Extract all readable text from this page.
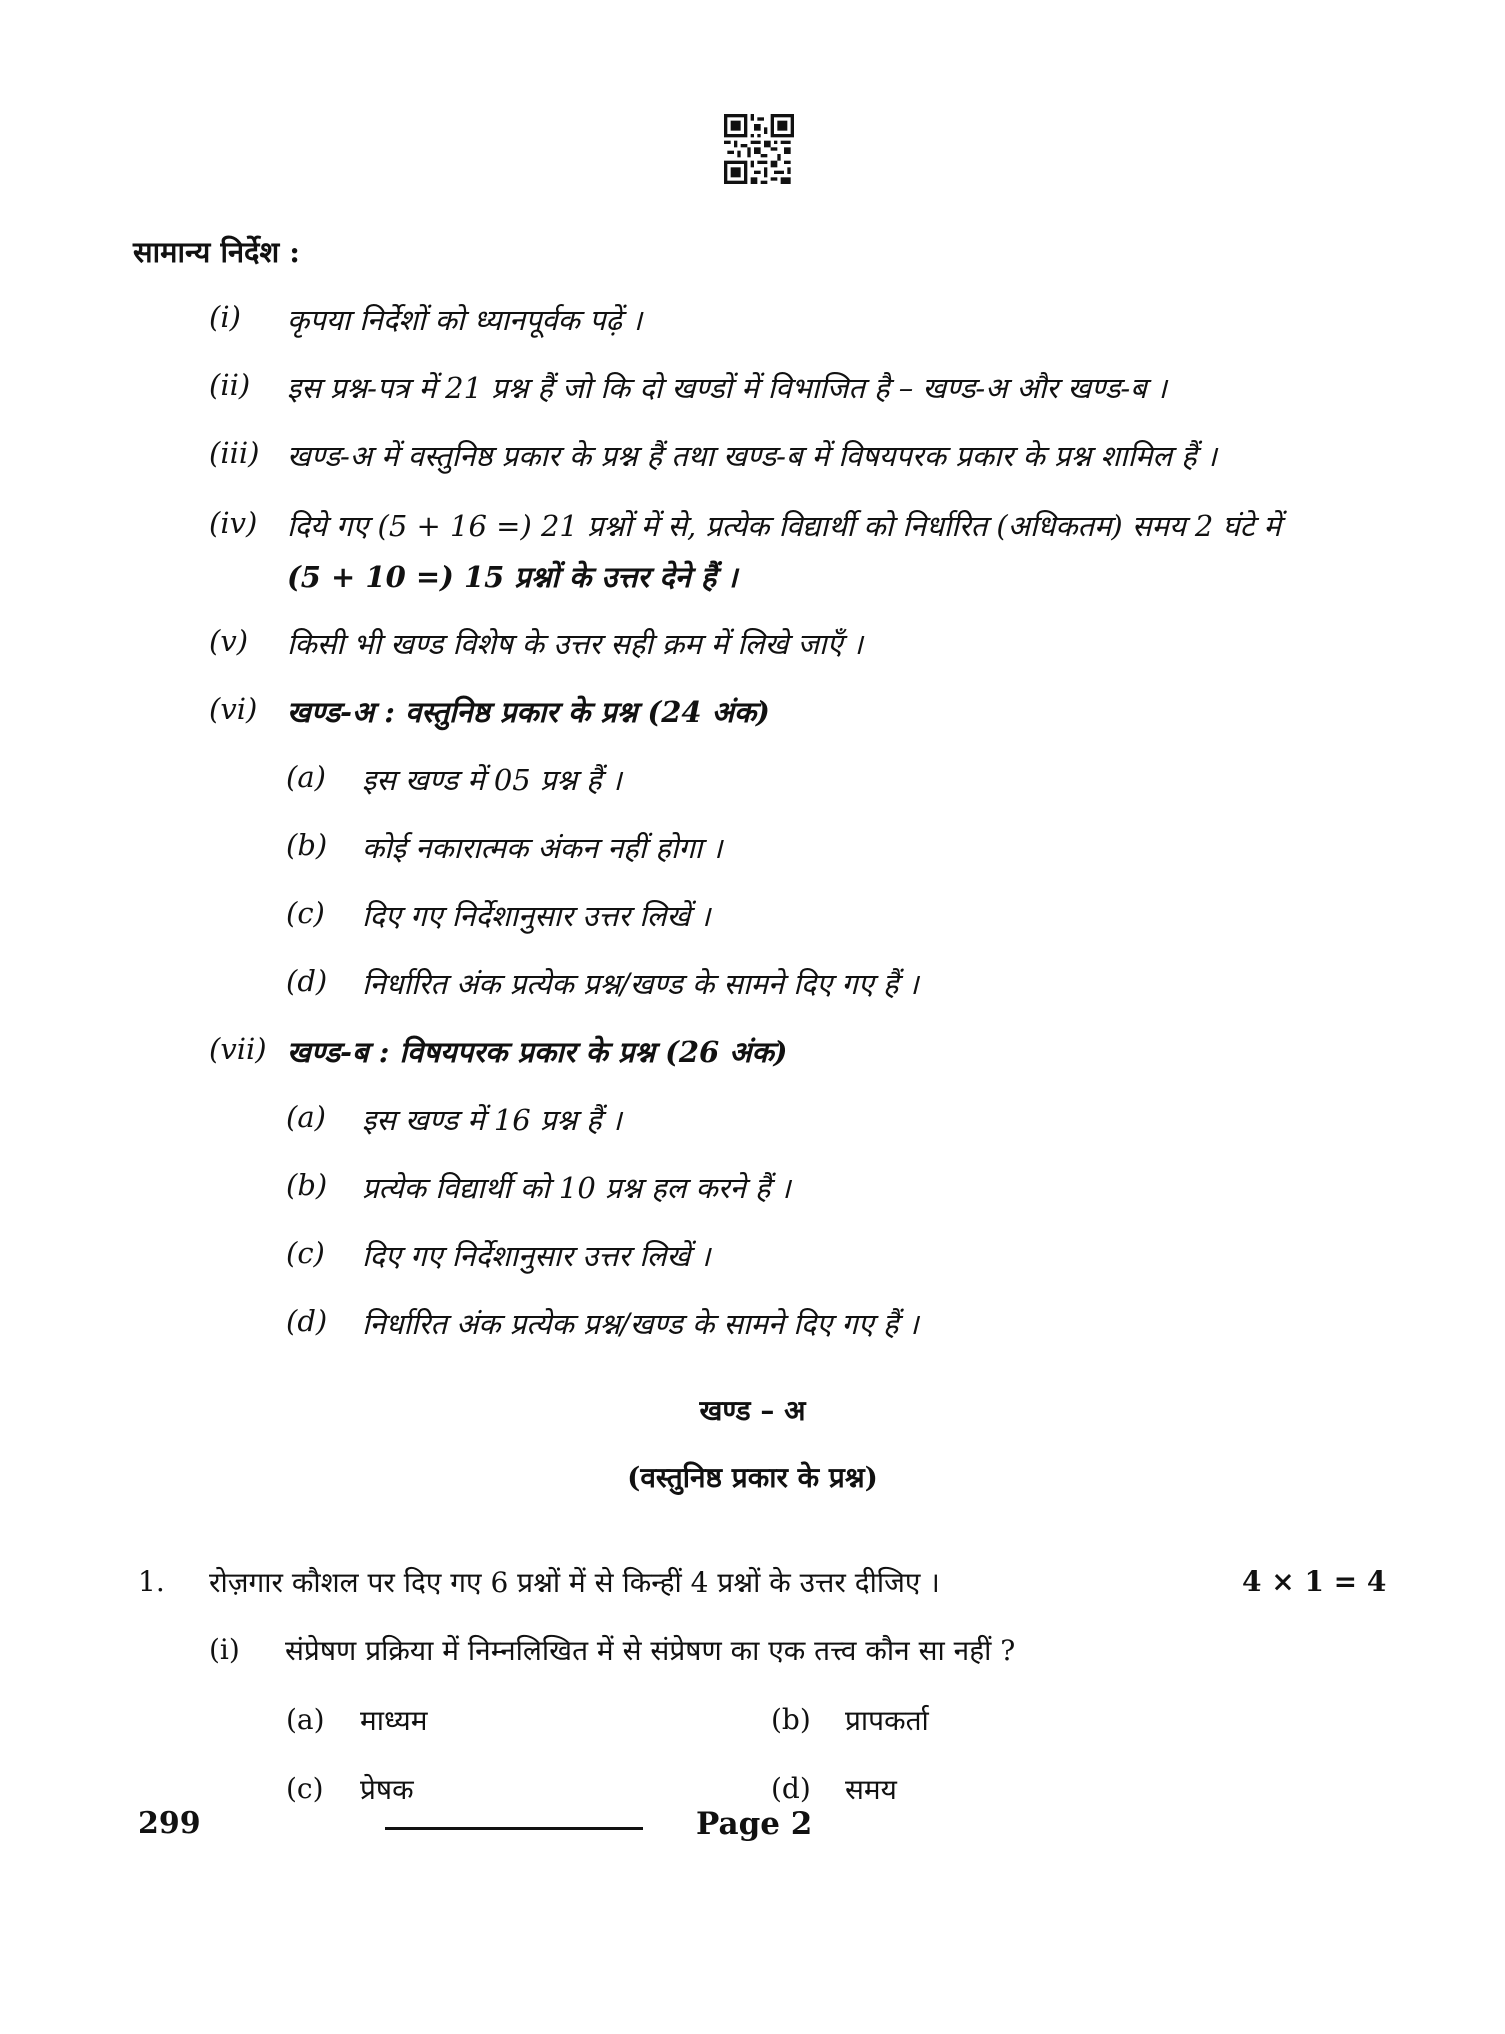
सामान्य निर्देश :
(i) कृपया निर्देशों को ध्यानपूर्वक पढ़ें ।
(ii) इस प्रश्न-पत्र में 21 प्रश्न हैं जो कि दो खण्डों में विभाजित है – खण्ड-अ और खण्ड-ब ।
(iii) खण्ड-अ में वस्तुनिष्ठ प्रकार के प्रश्न हैं तथा खण्ड-ब में विषयपरक प्रकार के प्रश्न शामिल हैं ।
(iv) दिये गए (5 + 16 =) 21 प्रश्नों में से, प्रत्येक विद्यार्थी को निर्धारित (अधिकतम) समय 2 घंटे में
(5 + 10 =) 15 प्रश्नों के उत्तर देने हैं ।
(v) किसी भी खण्ड विशेष के उत्तर सही क्रम में लिखे जाएँ ।
(vi) खण्ड-अ : वस्तुनिष्ठ प्रकार के प्रश्न (24 अंक)
(a) इस खण्ड में 05 प्रश्न हैं ।
(b) कोई नकारात्मक अंकन नहीं होगा ।
(c) दिए गए निर्देशानुसार उत्तर लिखें ।
(d) निर्धारित अंक प्रत्येक प्रश्न/खण्ड के सामने दिए गए हैं ।
(vii) खण्ड-ब : विषयपरक प्रकार के प्रश्न (26 अंक)
(a) इस खण्ड में 16 प्रश्न हैं ।
(b) प्रत्येक विद्यार्थी को 10 प्रश्न हल करने हैं ।
(c) दिए गए निर्देशानुसार उत्तर लिखें ।
(d) निर्धारित अंक प्रत्येक प्रश्न/खण्ड के सामने दिए गए हैं ।
खण्ड – अ
(वस्तुनिष्ठ प्रकार के प्रश्न)
1. रोज़गार कौशल पर दिए गए 6 प्रश्नों में से किन्हीं 4 प्रश्नों के उत्तर दीजिए ।	4 × 1 = 4
(i) संप्रेषण प्रक्रिया में निम्नलिखित में से संप्रेषण का एक तत्त्व कौन सा नहीं ?
(a) माध्यम	(b) प्रापकर्ता
(c) प्रेषक	(d) समय
299	Page 2
